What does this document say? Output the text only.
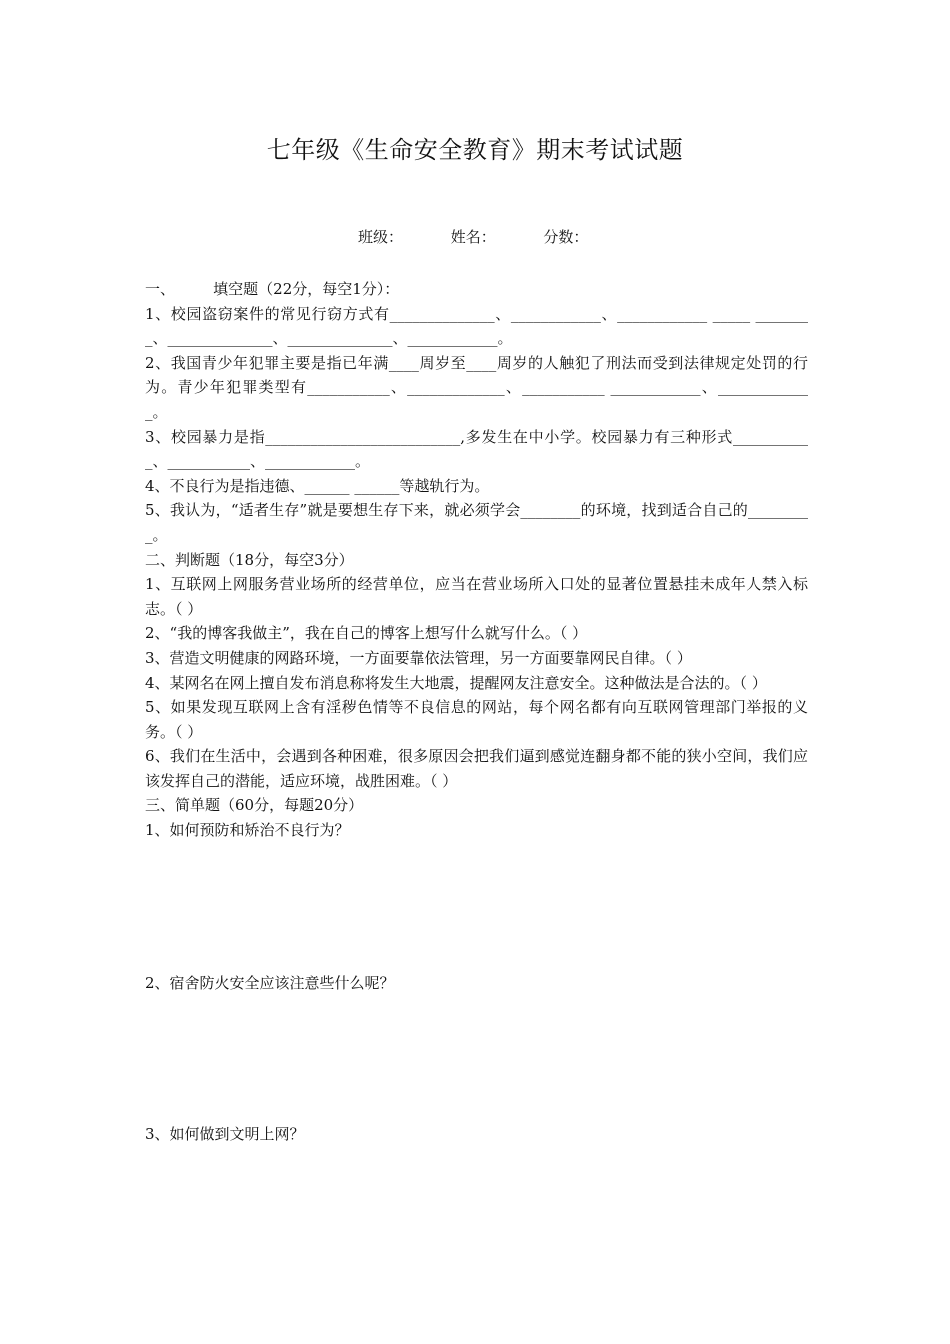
七年级《生命安全教育》期末考试试题
班级：	姓名：	分数：

一、        填空题（22分，每空1分）：

1、校园盗窃案件的常见行窃方式有______________、____________、____________ _____ ________、______________、______________、____________。

2、我国青少年犯罪主要是指已年满____周岁至____周岁的人触犯了刑法而受到法律规定处罚的行为。青少年犯罪类型有___________、_____________、___________ ____________、_____________。

3、校园暴力是指__________________________,多发生在中小学。校园暴力有三种形式___________、___________、____________。

4、不良行为是指违德、______ ______等越轨行为。

5、我认为，“适者生存”就是要想生存下来，就必须学会________的环境，找到适合自己的_________。

二、判断题（18分，每空3分）

1、互联网上网服务营业场所的经营单位，应当在营业场所入口处的显著位置悬挂未成年人禁入标志。（ ）

2、“我的博客我做主”，我在自己的博客上想写什么就写什么。（ ）

3、营造文明健康的网路环境，一方面要靠依法管理，另一方面要靠网民自律。（ ）

4、某网名在网上擅自发布消息称将发生大地震，提醒网友注意安全。这种做法是合法的。（ ）

5、如果发现互联网上含有淫秽色情等不良信息的网站，每个网名都有向互联网管理部门举报的义务。（ ）

6、我们在生活中，会遇到各种困难，很多原因会把我们逼到感觉连翻身都不能的狭小空间，我们应该发挥自己的潜能，适应环境，战胜困难。（ ）

三、简单题（60分，每题20分）

1、如何预防和矫治不良行为？

2、宿舍防火安全应该注意些什么呢？
3、如何做到文明上网？
